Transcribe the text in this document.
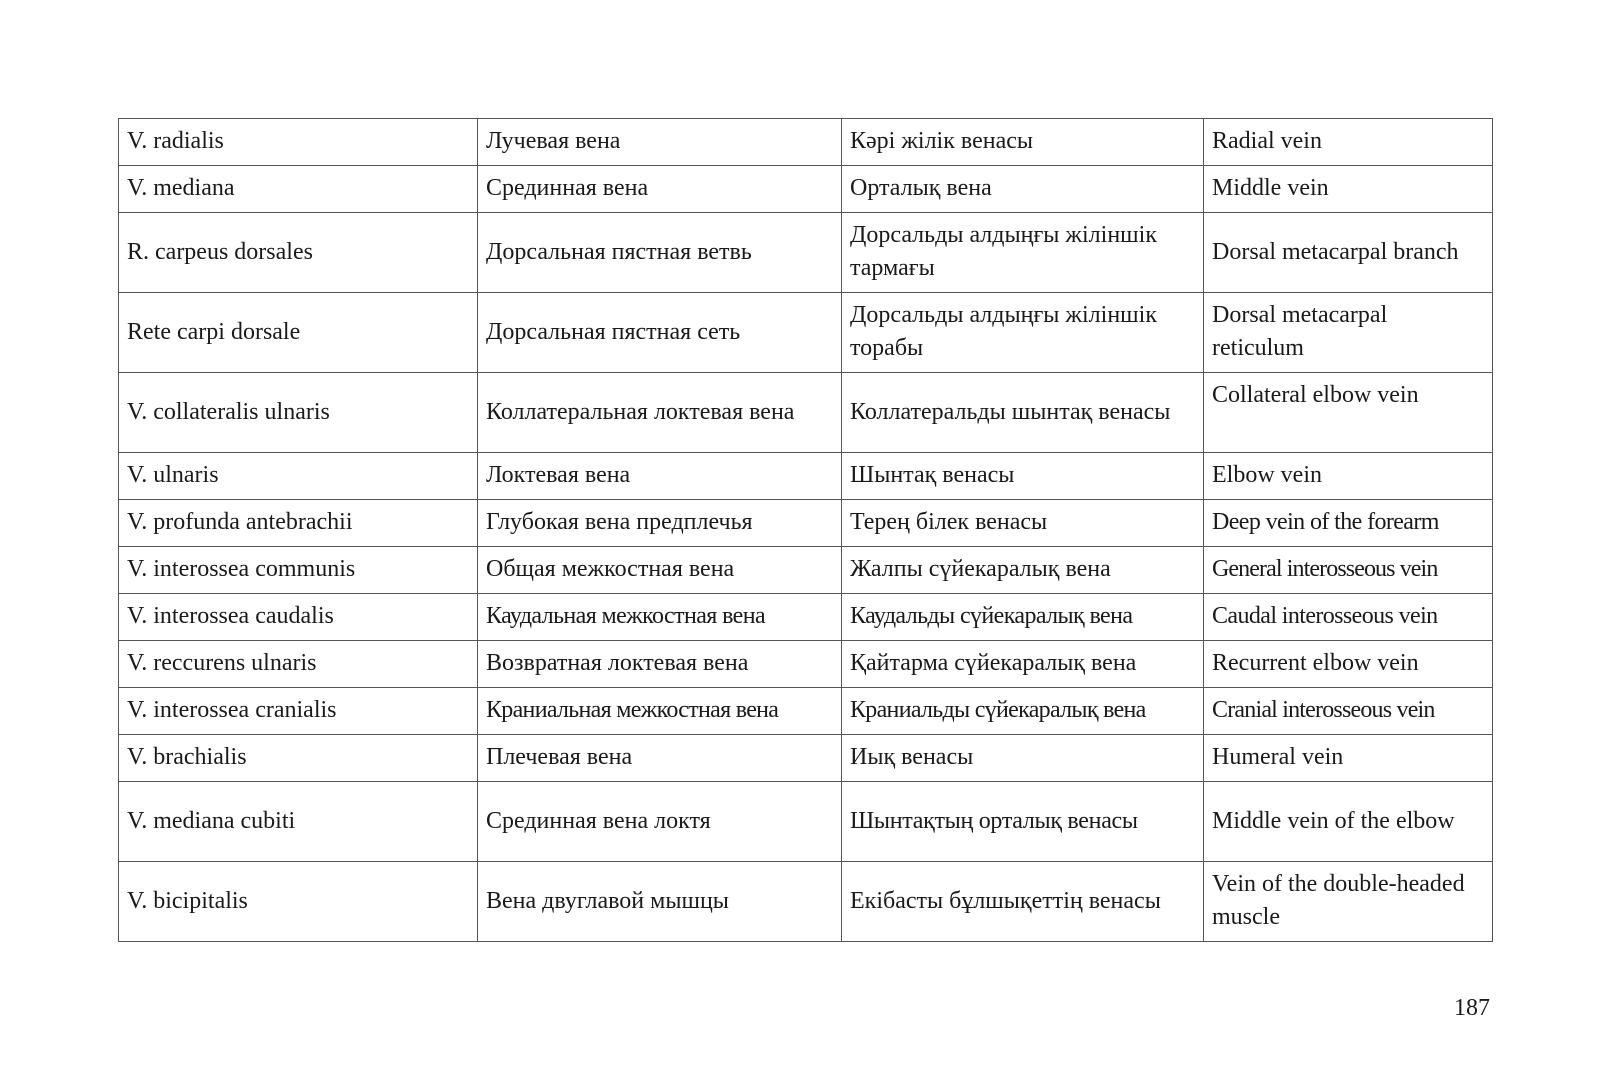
V. radialis	Лучевая вена	Кәрі жілік венасы	Radial vein
V. mediana	Срединная вена	Орталық вена	Middle vein
R. carpeus dorsales	Дорсальная пястная ветвь	Дорсальды алдыңғы жіліншік тармағы	Dorsal metacarpal branch
Rete carpi dorsale	Дорсальная пястная сеть	Дорсальды алдыңғы жіліншік торабы	Dorsal metacarpal reticulum
V. collateralis ulnaris	Коллатеральная локтевая вена	Коллатеральды шынтақ венасы	Collateral elbow vein
V. ulnaris	Локтевая вена	Шынтақ венасы	Elbow vein
V. profunda antebrachii	Глубокая вена предплечья	Терең білек венасы	Deep vein of the forearm
V. interossea communis	Общая межкостная вена	Жалпы сүйекаралық вена	General interosseous vein
V. interossea caudalis	Каудальная межкостная вена	Каудальды сүйекаралық вена	Caudal interosseous vein
V. reccurens ulnaris	Возвратная локтевая вена	Қайтарма сүйекаралық вена	Recurrent elbow vein
V. interossea cranialis	Краниальная межкостная вена	Краниальды сүйекаралық вена	Cranial interosseous vein
V. brachialis	Плечевая вена	Иық венасы	Humeral vein
V. mediana cubiti	Срединная вена локтя	Шынтақтың орталық венасы	Middle vein of the elbow
V. bicipitalis	Вена двуглавой мышцы	Екібасты бұлшықеттің венасы	Vein of the double-headed muscle
187
